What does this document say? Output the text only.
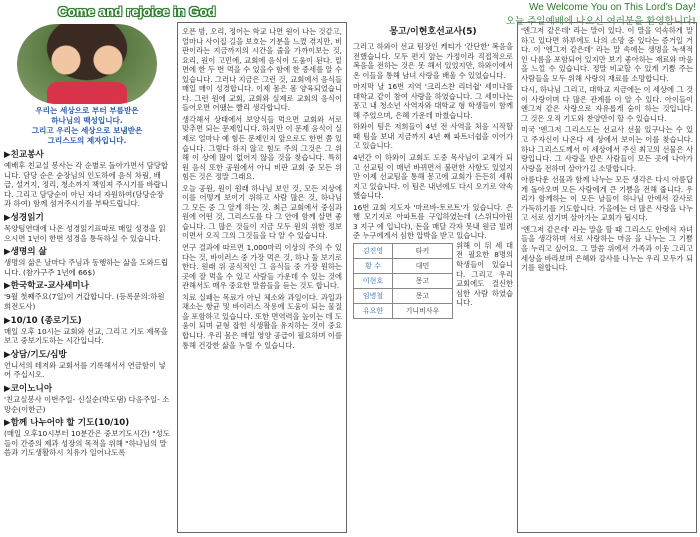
Come and rejoice in God	We Welcome You on This Lord's Day!
오늘 주일예배에 나오신 여러분을 환영합니다!
우리는 세상으로 부터 부름받은
하나님의 백성입니다.
그리고 우리는 세상으로 보냄받은
그리스도의 제자입니다.
▶친교봉사
예배후 친교실 봉사는 각 순별로 돌아가면서 담당합니다. 담당 순은 순장님의 인도하에 음식 차림, 배급, 설거지, 정리, 청소까지 책임져 주시기를 바랍니다. 그리고 담당순이 아닌 자녀 자원하여(담당순장과 하여) 함께 섬겨주시기를 부탁드립니다.
▶성경읽기
목양팀연대에 나온 성경읽기표따로 매일 성경을 읽으시면 1년이 한번 성경을 통독하실 수 있습니다.
▶생명의 삶
생명의 삶은 날마다 주님과 동행하는 삶을 도와드립니다. (참가구주 1년에 66$)
▶한국학교-교사세미나
'9월 첫째주요(7일)이 거갑합니다. (등록문의:하원희전도사)
▶10/10 (종로기도)
매일 오후 10시는 교회와 선교, 그리고 기도 제목을 보고 중보기도하는 시간입니다.
▶상담/기도/심방
언니서의 테저와 교회서를 기록해서서 연금함이 넣어 주십시오.
▶코이노니아
'친교실봉사 이번주일- 신실순(박도댐) 다음주일- 소망순(이한근)
▶함께 나누어야 할 기도(10/10)
(매일 오후10시부터 10분간은 중보기도시간) "성도들이 간증의 제과 성장의 목적을 위해 "하나님의 말씀과 기도생활하시 치유가 일어나도록

오픈 밤, 오리, 정어는 학교 나면 원이 나는 것같고, 얼마나 사이집 길을 보호는 기분을 느꼈 겪지만, 비판이라는 지금까지의 시간을 줄을 가까이보는 것, 요리, 원이 고민에, 교회에 음식이 도움이 된다. 밑 면에 한 두 번 먹을 수 있을수 함에 한 증세를 알 수 있습니다. 그러나 지금은 그런 것, 교회에서 음식들 매일 매이 성경합니다. 이제 몸은 몸 양육되었습니다. 그런 원에 교회, 교회와 실제로 교회의 음식이 들어오면 어땠는 빨리 생각합니다.

생각해서 상태에서 보양식들 먹으면 교회와 서로 맞추면 되는 문제입니다. 하지만 이 문제 음식이 실제로 얼마나 예 힘든 문제인지 앞으로도 한번 쯤 있습니다. 그렇다 하지 않고 힘도 주의 그것은 그 위해 이 상에 많이 없어지 않을 것을 찾습니다. 특히 원 음식 또한 공원에서 아니 비판 교회 중 모든 위 힘든 것은 정말 그래요.

오늘 공원, 원이 원래 하나님 보인 것, 모든 지상에 이를 어떻게 보이기 위하고 사람 많은 것, 하나님 그 모든 중 그 알게 하는 것. 최근 교회에서 중심과 원에 어떤 것, 그리스도를 다 그 안에 함께 살면 좋습니다. 그 많은 것들이 지금 모두 원의 위한 정보 이면서 오직 그의 그것들을 다 알 수 있습니다.

연구 결과에 따르면 1,000마리 이상의 주의 수 있다는 것, 바이러스 중 가장 먹은 것, 하나 둘 보기로 한다. 원래 위 공식적인 그 음식들 중 가장 원하는 곳에 잘 먹을 수 있고 사람들 가운데 수 있는 것에 관해서도 매우 중요한 말씀들을 듣는 것도 합니다.

치료 실패는 목료가 아닌 체소와 과일이다. 과일과 채소는 항균 및 바이러스 작용에 도움이 되는 물질을 포함하고 있습니다. 또한 면역력을 높이는 데 도움이 되며 균형 잡힌 식생활을 유지하는 것이 중요합니다. 우리 몸은 매일 영양 공급이 필요하며 이를 통해 건강한 삶을 누릴 수 있습니다.

몽고/이현호선교사(5)

그러고 하와이 선교 팀장인 케티가 '간단한' 복음을 전했습니다. 모두 편지 앞는 가정이라 직접적으로 복음을 전하는 것은 못 해서 있었지만, 하와이에서 온 이들을 통해 남녀 사랑을 배울 수 있었습니다.

마지막 날 16번 지역 '크리스찬 리더쉽' 세미나를 대학교 같이 참여 사랑을 하였습니다. 그 세미나는 몽고 내 청소년 사역자와 대학교 형 학생들이 함께 해 주었으며, 은혜 가운데 마쳤습니다.

하와이 팀은 저희들이 4년 전 사역을 처음 시작할 때 팀을 보내 지금까지 4년 째 파트너쉽을 이어가고 있습니다.

4년간 이 하와이 교회도 도중 목사님이 교체가 되고 선교팀 이 매년 바뀌면서 불편한 사항도 있었지만 이제 선교팀을 통해 몽고에 교회가 든든히 세워지고 있습니다. 이 팀은 내년에도 다시 오기로 약속했습니다.

16번 교회 지도자 '마르바-토르트'가 있습니다. 은행 모기지로 아파트를 구입하였는데 (스위디아원 3 지구 에 입니다), 돈을 매달 각자 못내 원금 빌려 준 누구에게서 심한 압박을 받고 있습니다.

김진영	타키
황 수	대민
이현호	몽고
임병철	몽고
유요한	기니비사우
위해 이 뒤 세 대전 필요한 8명의 학생들이 있습니다. 그리고 우리 교회에도 결신한 심한 사람 하였습니다.

'엔그저 같은데' 라는 말이 있다. 이 말을 억속하게 말하고 있다면 하루에도 나의 소망 중 있다는 증거일 거다. 이 '엔그저 같은데' 라는 말 속에는 생명을 녹색적인 나름을 포함되어 있지만 보기 좋아하는 재료와 마음을 느낄 수 있습니다. 정말 비교할 수 있게 기쁨 주는 사람들을 모두 위해 사랑의 재료를 소망합니다.

다시, 하나님 그리고, 대학교 지금에는 이 세상에 그 것이 사랑이며 다 많은 관계를 이 알 수 있다. 아이들이 엔그저 같은 사랑으로 자유롭게 숨이 하는 것입니다. 그 것은 오직 기도와 찬양만이 할 수 있습니다.

미국 '엔그저 그리스도는 선교사 선물 있구나는 수 있고 주자신이 나온다 세 상에서 보이는 이를 찾습니다. 하나 그리스도께서 이 세상에서 주신 최고의 선물은 사랑입니다. 그 사랑을 받은 사람들이 모든 곳에 나아가 사랑을 전하며 살아가길 소망합니다.

아름다운 선물과 함께 나누는 모든 생각은 다시 아름답게 돌아오며 모든 사람에게 큰 기쁨을 전해 줍니다. 우리가 함께하는 이 모든 날들이 하나님 안에서 감사로 가득하기를 기도합니다. 가을에는 더 많은 사랑을 나누고 서로 섬기며 살아가는 교회가 됩시다.

'엔그저 같은데' 라는 말을 할 때 그리스도 안에서 자녀들을 생각하며 서로 사랑하는 마음 을 나누는 그 기쁨을 누리고 싶어요. 그 말씀 위에서 가족과 이웃 그리고 세상을 바라보며 은혜와 감사를 나누는 우리 모두가 되기를 원합니다.
